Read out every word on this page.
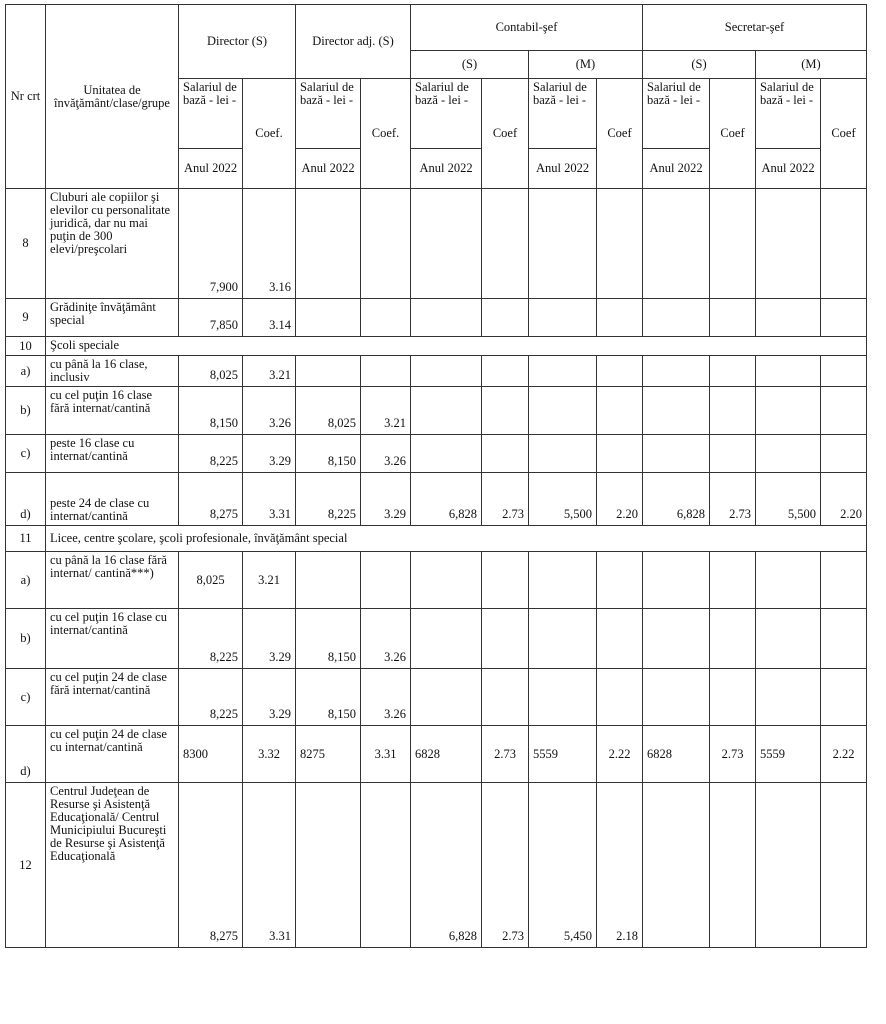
Nr crt	Unitatea de învăţământ/clase/grupe	Director (S)		Director adj. (S)		Contabil-şef				Secretar-şef			
						(S)		(M)		(S)		(M)	
		Salariul de bază - lei -	Coef.	Salariul de bază - lei -	Coef.	Salariul de bază - lei -	Coef	Salariul de bază - lei -	Coef	Salariul de bază - lei -	Coef	Salariul de bază - lei -	Coef
		Anul 2022		Anul 2022		Anul 2022		Anul 2022		Anul 2022		Anul 2022	
8	Cluburi ale copiilor şi elevilor cu personalitate juridică, dar nu mai puţin de 300 elevi/preşcolari	7,900	3.16										
9	Grădiniţe învăţământ special	7,850	3.14										
10	Şcoli speciale												
a)	cu până la 16 clase, inclusiv	8,025	3.21										
b)	cu cel puţin 16 clase fără internat/cantină	8,150	3.26	8,025	3.21								
c)	peste 16 clase cu internat/cantină	8,225	3.29	8,150	3.26								
d)	peste 24 de clase cu internat/cantină	8,275	3.31	8,225	3.29	6,828	2.73	5,500	2.20	6,828	2.73	5,500	2.20
11	Licee, centre şcolare, şcoli profesionale, învăţământ special												
a)	cu până la 16 clase fără internat/ cantină***)	8,025	3.21										
b)	cu cel puţin 16 clase cu internat/cantină	8,225	3.29	8,150	3.26								
c)	cu cel puţin 24 de clase fără internat/cantină	8,225	3.29	8,150	3.26								
d)	cu cel puţin 24 de clase cu internat/cantină	8300	3.32	8275	3.31	6828	2.73	5559	2.22	6828	2.73	5559	2.22
12	Centrul Judeţean de Resurse şi Asistenţă Educaţională/ Centrul Municipiului Bucureşti de Resurse şi Asistenţă Educaţională	8,275	3.31			6,828	2.73	5,450	2.18				
